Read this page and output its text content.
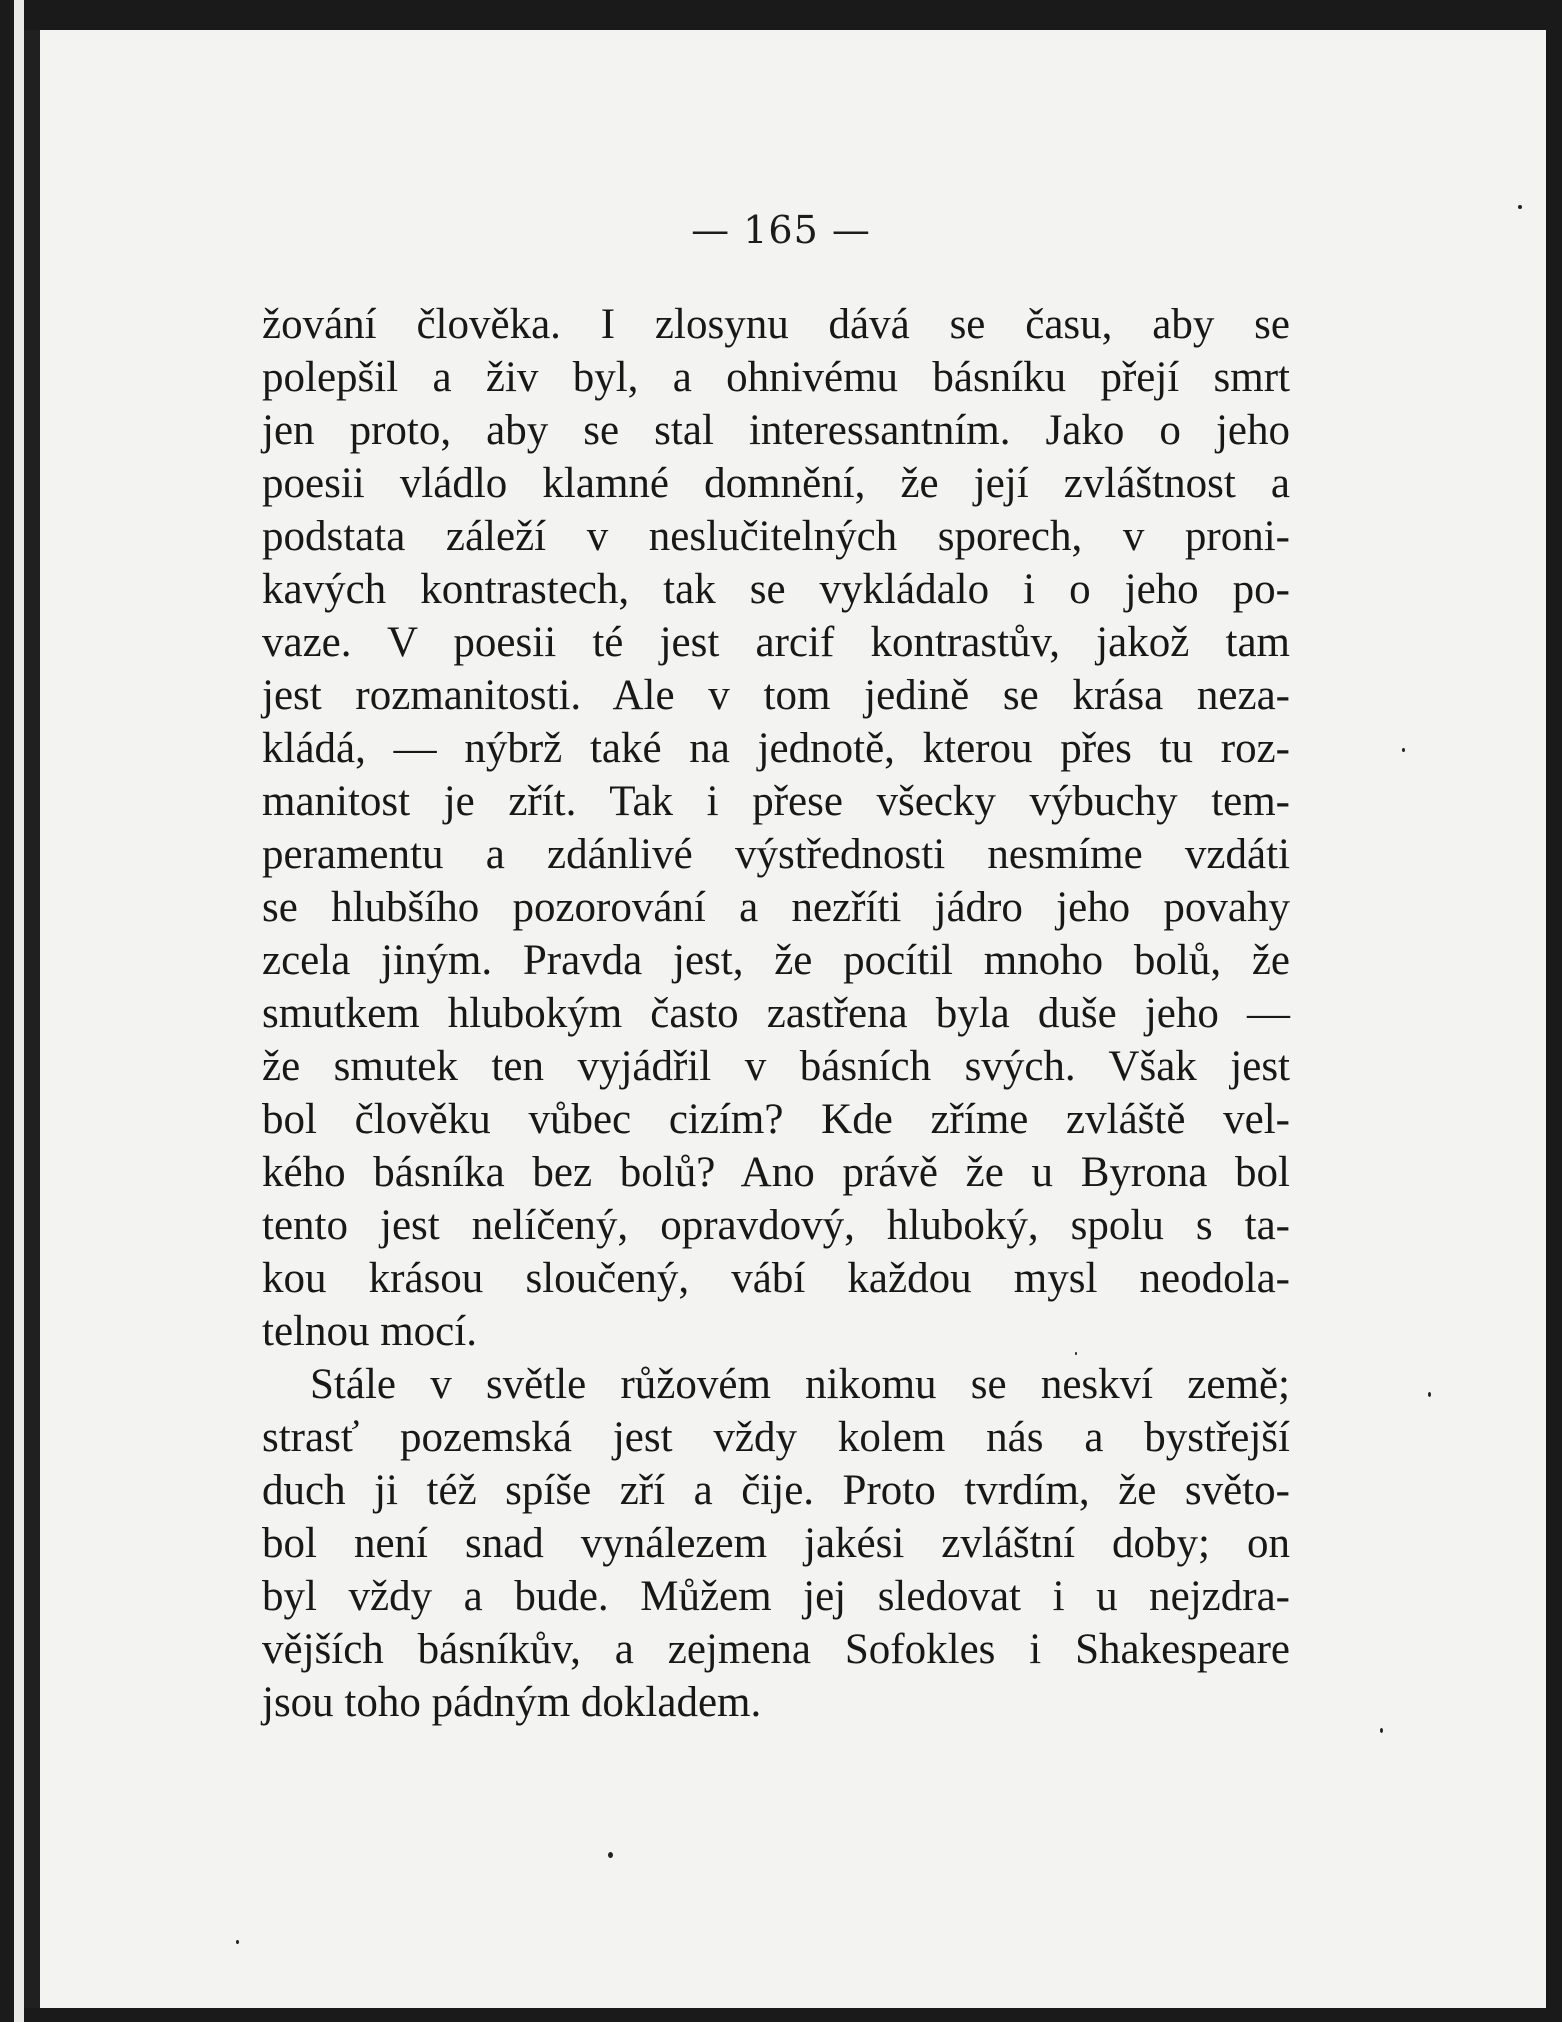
— 165 —
žování člověka. I zlosynu dává se času, aby se
polepšil a živ byl, a ohnivému básníku přejí smrt
jen proto, aby se stal interessantním. Jako o jeho
poesii vládlo klamné domnění, že její zvláštnost a
podstata záleží v neslučitelných sporech, v proni-
kavých kontrastech, tak se vykládalo i o jeho po-
vaze. V poesii té jest arcif kontrastův, jakož tam
jest rozmanitosti. Ale v tom jedině se krása neza-
kládá, — nýbrž také na jednotě, kterou přes tu roz-
manitost je zřít. Tak i přese všecky výbuchy tem-
peramentu a zdánlivé výstřednosti nesmíme vzdáti
se hlubšího pozorování a nezříti jádro jeho povahy
zcela jiným. Pravda jest, že pocítil mnoho bolů, že
smutkem hlubokým často zastřena byla duše jeho —
že smutek ten vyjádřil v básních svých. Však jest
bol člověku vůbec cizím? Kde zříme zvláště vel-
kého básníka bez bolů? Ano právě že u Byrona bol
tento jest nelíčený, opravdový, hluboký, spolu s ta-
kou krásou sloučený, vábí každou mysl neodola-
telnou mocí.
Stále v světle růžovém nikomu se neskví země;
strasť pozemská jest vždy kolem nás a bystřejší
duch ji též spíše zří a čije. Proto tvrdím, že světo-
bol není snad vynálezem jakési zvláštní doby; on
byl vždy a bude. Můžem jej sledovat i u nejzdra-
vějších básníkův, a zejmena Sofokles i Shakespeare
jsou toho pádným dokladem.
